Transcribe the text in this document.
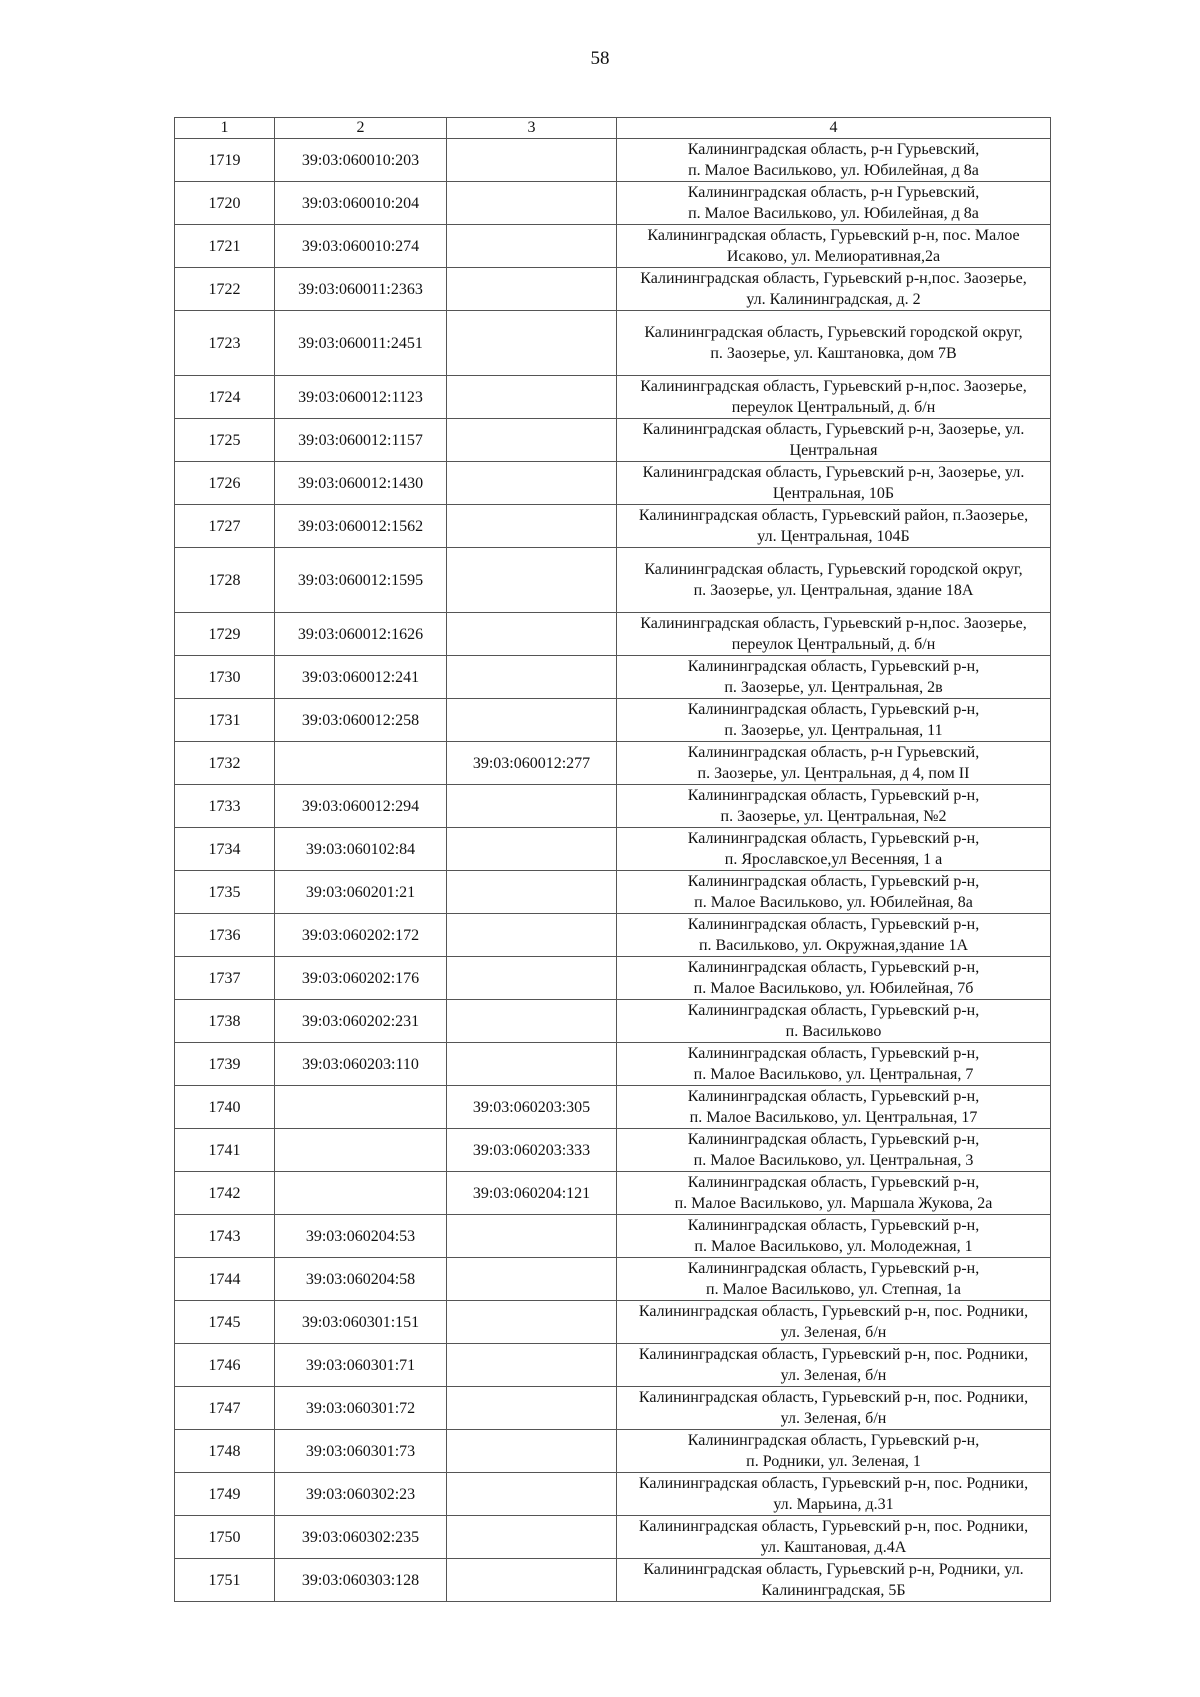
58
1	2	3	4
1719	39:03:060010:203		Калининградская область, р-н Гурьевский,
п. Малое Васильково, ул. Юбилейная, д 8а

1720	39:03:060010:204		Калининградская область, р-н Гурьевский,
п. Малое Васильково, ул. Юбилейная, д 8а

1721	39:03:060010:274		Калининградская область, Гурьевский р-н, пос. Малое
Исаково, ул. Мелиоративная,2а

1722	39:03:060011:2363		Калининградская область, Гурьевский р-н,пос. Заозерье,
ул. Калининградская, д. 2

1723	39:03:060011:2451		Калининградская область, Гурьевский городской округ,
п. Заозерье, ул. Каштановка, дом 7В

1724	39:03:060012:1123		Калининградская область, Гурьевский р-н,пос. Заозерье,
переулок Центральный, д. б/н

1725	39:03:060012:1157		Калининградская область, Гурьевский р-н, Заозерье, ул.
Центральная

1726	39:03:060012:1430		Калининградская область, Гурьевский р-н, Заозерье, ул.
Центральная, 10Б

1727	39:03:060012:1562		Калининградская область, Гурьевский район, п.Заозерье,
ул. Центральная, 104Б

1728	39:03:060012:1595		Калининградская область, Гурьевский городской округ,
п. Заозерье, ул. Центральная, здание 18А

1729	39:03:060012:1626		Калининградская область, Гурьевский р-н,пос. Заозерье,
переулок Центральный, д. б/н

1730	39:03:060012:241		Калининградская область, Гурьевский р-н,
п. Заозерье, ул. Центральная, 2в

1731	39:03:060012:258		Калининградская область, Гурьевский р-н,
п. Заозерье, ул. Центральная, 11

1732		39:03:060012:277	Калининградская область, р-н Гурьевский,
п. Заозерье, ул. Центральная, д 4, пом II

1733	39:03:060012:294		Калининградская область, Гурьевский р-н,
п. Заозерье, ул. Центральная, №2

1734	39:03:060102:84		Калининградская область, Гурьевский р-н,
п. Ярославское,ул Весенняя, 1 а

1735	39:03:060201:21		Калининградская область, Гурьевский р-н,
п. Малое Васильково, ул. Юбилейная, 8а

1736	39:03:060202:172		Калининградская область, Гурьевский р-н,
п. Васильково, ул. Окружная,здание 1А

1737	39:03:060202:176		Калининградская область, Гурьевский р-н,
п. Малое Васильково, ул. Юбилейная, 7б

1738	39:03:060202:231		Калининградская область, Гурьевский р-н,
п. Васильково

1739	39:03:060203:110		Калининградская область, Гурьевский р-н,
п. Малое Васильково, ул. Центральная, 7

1740		39:03:060203:305	Калининградская область, Гурьевский р-н,
п. Малое Васильково, ул. Центральная, 17

1741		39:03:060203:333	Калининградская область, Гурьевский р-н,
п. Малое Васильково, ул. Центральная, 3

1742		39:03:060204:121	Калининградская область, Гурьевский р-н,
п. Малое Васильково, ул. Маршала Жукова, 2а

1743	39:03:060204:53		Калининградская область, Гурьевский р-н,
п. Малое Васильково, ул. Молодежная, 1

1744	39:03:060204:58		Калининградская область, Гурьевский р-н,
п. Малое Васильково, ул. Степная, 1а

1745	39:03:060301:151		Калининградская область, Гурьевский р-н, пос. Родники,
ул. Зеленая, б/н

1746	39:03:060301:71		Калининградская область, Гурьевский р-н, пос. Родники,
ул. Зеленая, б/н

1747	39:03:060301:72		Калининградская область, Гурьевский р-н, пос. Родники,
ул. Зеленая, б/н

1748	39:03:060301:73		Калининградская область, Гурьевский р-н,
п. Родники, ул. Зеленая, 1

1749	39:03:060302:23		Калининградская область, Гурьевский р-н, пос. Родники,
ул. Марьина, д.31

1750	39:03:060302:235		Калининградская область, Гурьевский р-н, пос. Родники,
ул. Каштановая, д.4А

1751	39:03:060303:128		Калининградская область, Гурьевский р-н, Родники, ул.
Калининградская, 5Б
